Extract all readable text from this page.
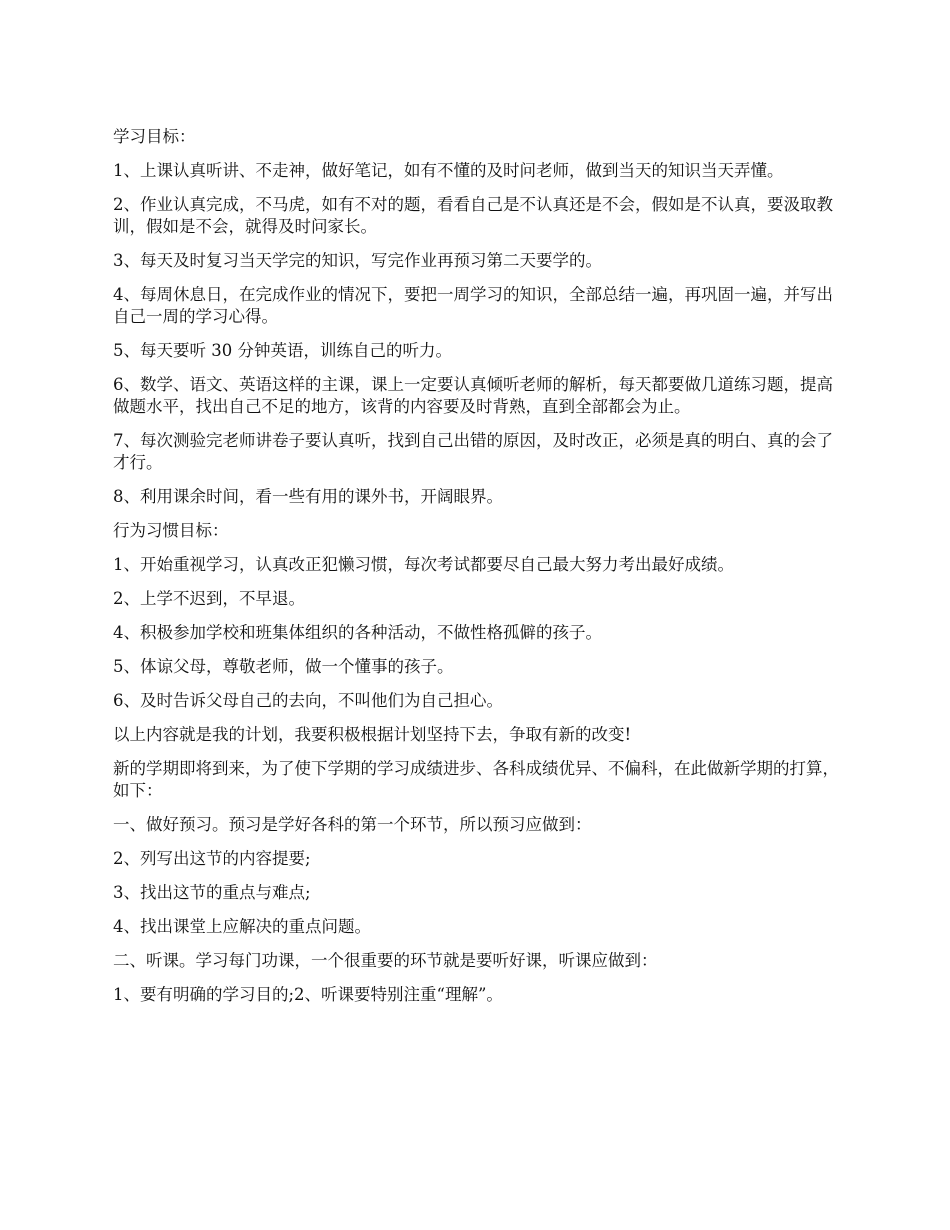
学习目标：

1、上课认真听讲、不走神，做好笔记，如有不懂的及时问老师，做到当天的知识当天弄懂。

2、作业认真完成，不马虎，如有不对的题，看看自己是不认真还是不会，假如是不认真，要汲取教训，假如是不会，就得及时问家长。

3、每天及时复习当天学完的知识，写完作业再预习第二天要学的。

4、每周休息日，在完成作业的情况下，要把一周学习的知识，全部总结一遍，再巩固一遍，并写出自己一周的学习心得。

5、每天要听 30 分钟英语，训练自己的听力。

6、数学、语文、英语这样的主课，课上一定要认真倾听老师的解析，每天都要做几道练习题，提高做题水平，找出自己不足的地方，该背的内容要及时背熟，直到全部都会为止。

7、每次测验完老师讲卷子要认真听，找到自己出错的原因，及时改正，必须是真的明白、真的会了才行。

8、利用课余时间，看一些有用的课外书，开阔眼界。

行为习惯目标：

1、开始重视学习，认真改正犯懒习惯，每次考试都要尽自己最大努力考出最好成绩。

2、上学不迟到，不早退。

4、积极参加学校和班集体组织的各种活动，不做性格孤僻的孩子。

5、体谅父母，尊敬老师，做一个懂事的孩子。

6、及时告诉父母自己的去向，不叫他们为自己担心。

以上内容就是我的计划，我要积极根据计划坚持下去，争取有新的改变!

新的学期即将到来，为了使下学期的学习成绩进步、各科成绩优异、不偏科，在此做新学期的打算，如下：

一、做好预习。预习是学好各科的第一个环节，所以预习应做到：

2、列写出这节的内容提要;

3、找出这节的重点与难点;

4、找出课堂上应解决的重点问题。

二、听课。学习每门功课，一个很重要的环节就是要听好课，听课应做到：

1、要有明确的学习目的;2、听课要特别注重“理解”。
